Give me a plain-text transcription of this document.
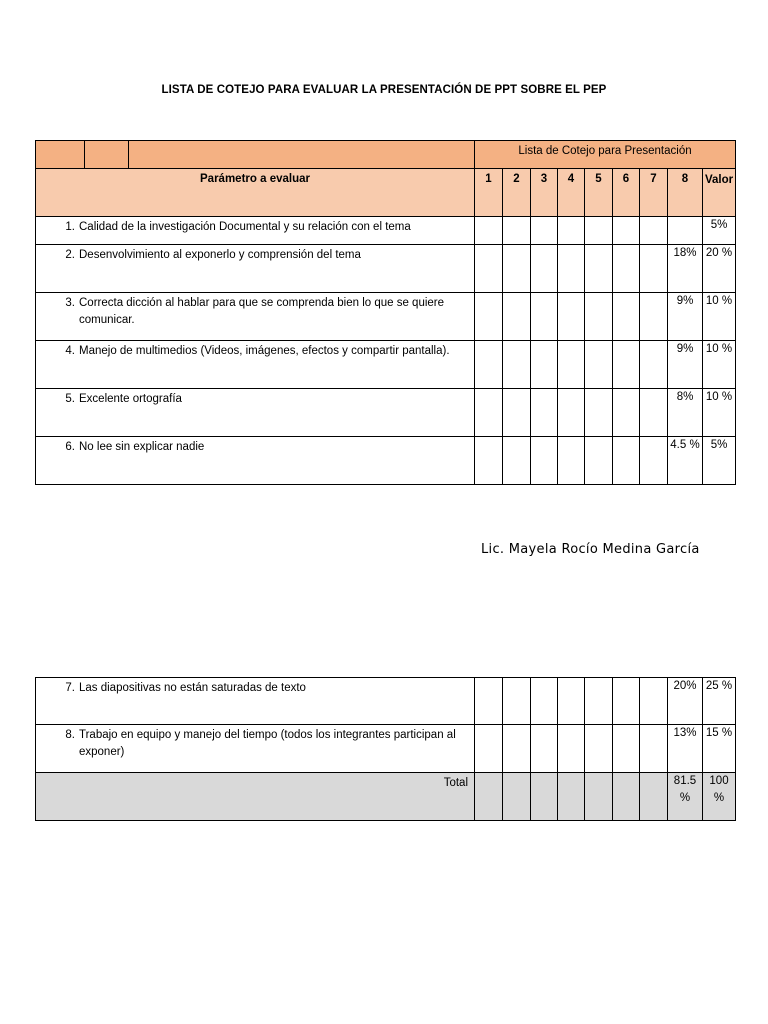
LISTA DE COTEJO PARA EVALUAR LA PRESENTACIÓN DE PPT SOBRE EL PEP
			Lista de Cotejo para Presentación								
Parámetro a evaluar			1	2	3	4	5	6	7	8	Valor

1. Calidad de la investigación Documental y su relación con el tema											5%

2. Desenvolvimiento al exponerlo y comprensión del tema										18%	20 %

3. Correcta dicción al hablar para que se comprenda bien lo que se quiere comunicar.										9%	10 %

4. Manejo de multimedios (Videos, imágenes, efectos y compartir pantalla).										9%	10 %

5. Excelente ortografía										8%	10 %

6. No lee sin explicar nadie										4.5 %	5%
Lic. Mayela Rocío Medina García
7. Las diapositivas no están saturadas de texto								20%	25 %

8. Trabajo en equipo y manejo del tiempo (todos los integrantes participan al exponer)								13%	15 %
Total								81.5 %	100 %
